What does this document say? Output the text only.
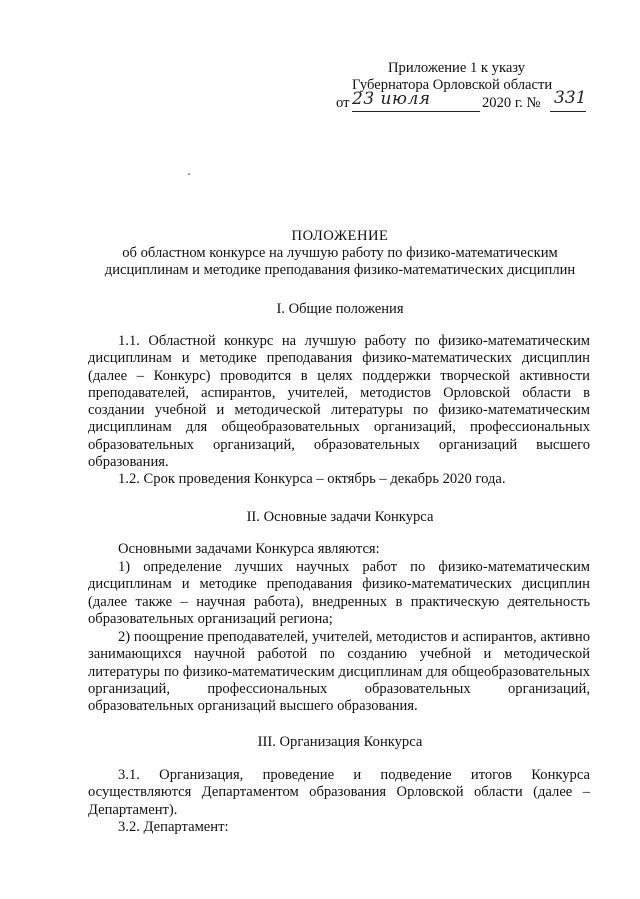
Приложение 1 к указу
Губернатора Орловской области
от 23 июля	2020 г. № 331
ПОЛОЖЕНИЕ
об областном конкурсе на лучшую работу по физико-математическим
дисциплинам и методике преподавания физико-математических дисциплин
I. Общие положения
1.1. Областной конкурс на лучшую работу по физико-математическим дисциплинам и методике преподавания физико-математических дисциплин (далее – Конкурс) проводится в целях поддержки творческой активности преподавателей, аспирантов, учителей, методистов Орловской области в создании учебной и методической литературы по физико-математическим дисциплинам для общеобразовательных организаций, профессиональных образовательных организаций, образовательных организаций высшего образования.
1.2. Срок проведения Конкурса – октябрь – декабрь 2020 года.
II. Основные задачи Конкурса
Основными задачами Конкурса являются:
1) определение лучших научных работ по физико-математическим дисциплинам и методике преподавания физико-математических дисциплин (далее также – научная работа), внедренных в практическую деятельность образовательных организаций региона;
2) поощрение преподавателей, учителей, методистов и аспирантов, активно занимающихся научной работой по созданию учебной и методической литературы по физико-математическим дисциплинам для общеобразовательных организаций, профессиональных образовательных организаций, образовательных организаций высшего образования.
III. Организация Конкурса
3.1. Организация, проведение и подведение итогов Конкурса осуществляются Департаментом образования Орловской области (далее – Департамент).
3.2. Департамент:
